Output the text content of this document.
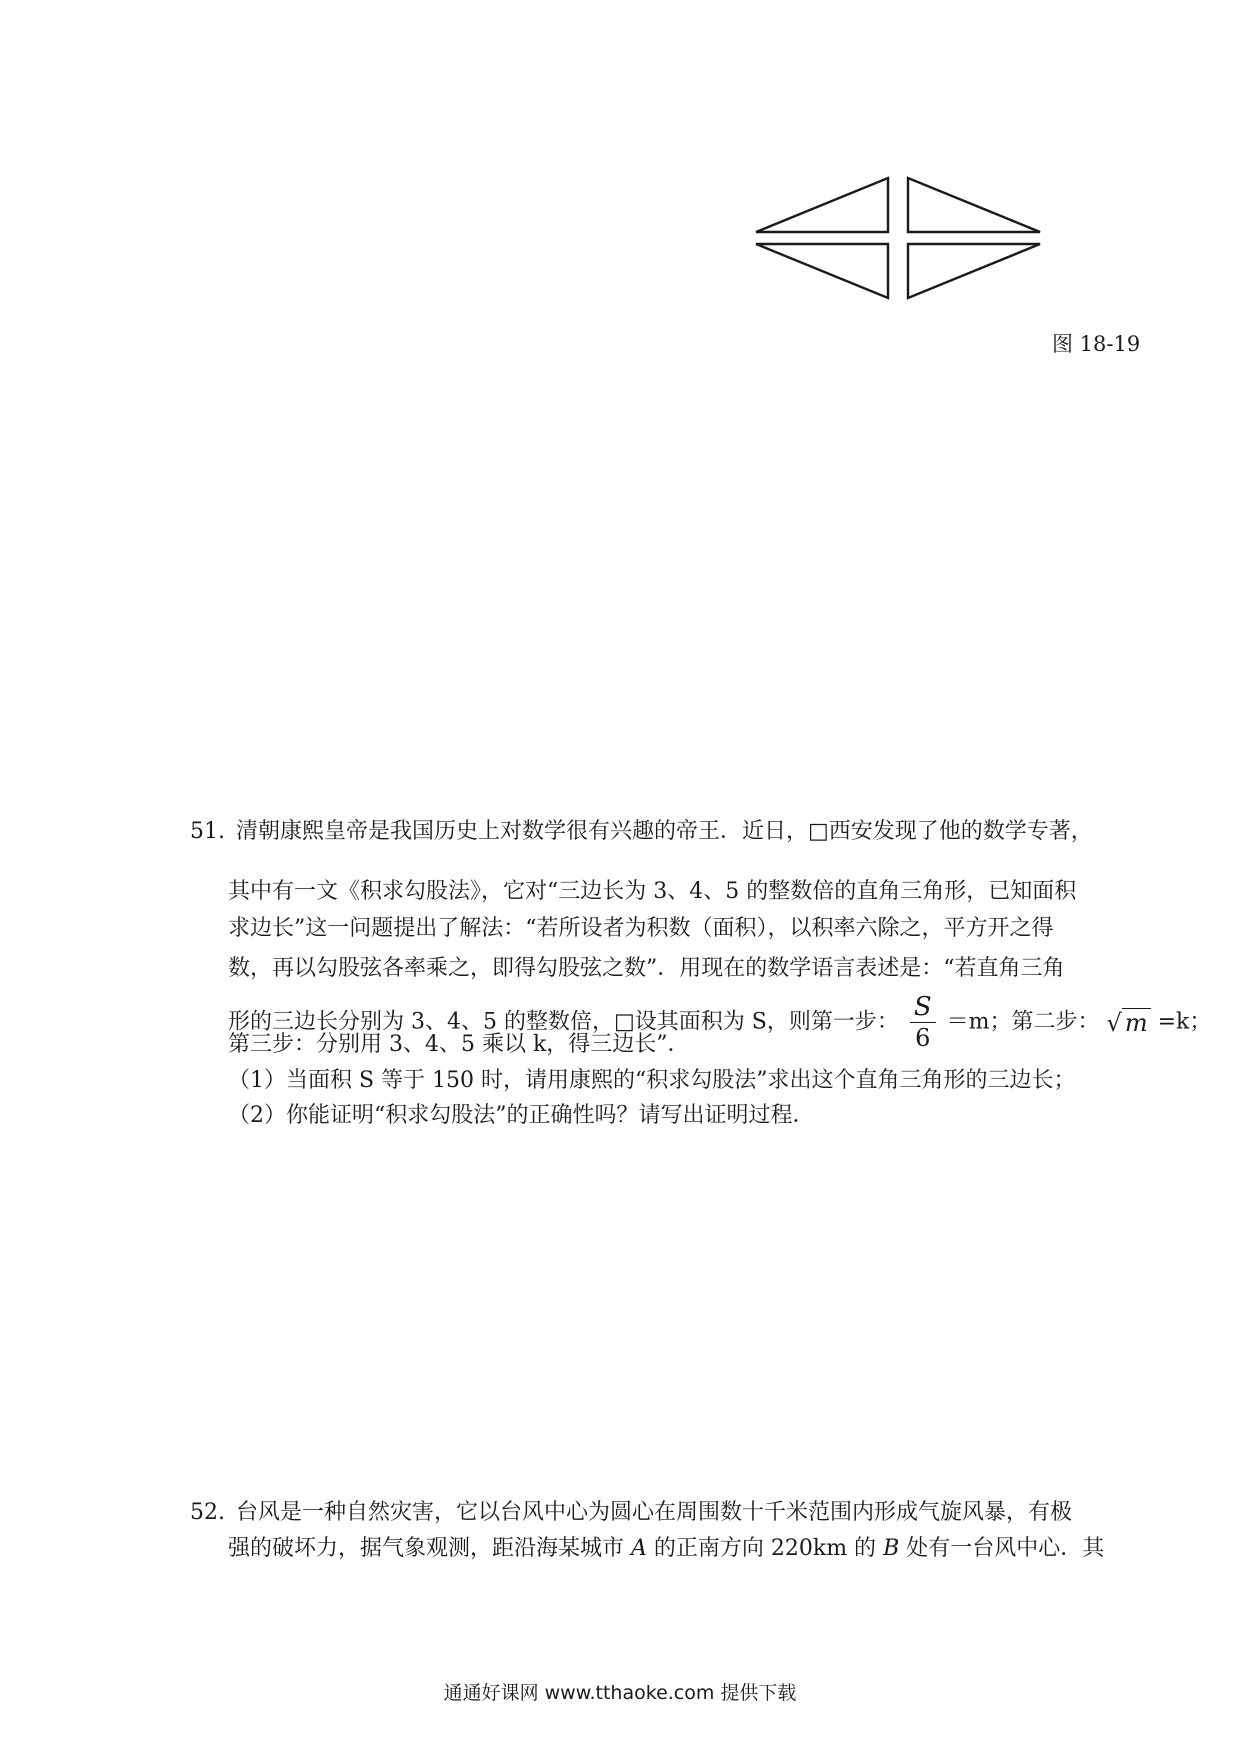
图 18-19
51. 清朝康熙皇帝是我国历史上对数学很有兴趣的帝王．近日，□西安发现了他的数学专著，
其中有一文《积求勾股法》，它对“三边长为 3、4、5 的整数倍的直角三角形，已知面积
求边长”这一问题提出了解法：“若所设者为积数（面积），以积率六除之，平方开之得
数，再以勾股弦各率乘之，即得勾股弦之数”．用现在的数学语言表述是：“若直角三角
形的三边长分别为 3、4、5 的整数倍，□设其面积为 S，则第一步： $\frac{S}{6} =m$；第二步： √ m =k；
第三步：分别用 3、4、5 乘以 k，得三边长”．
（1）当面积 S 等于 150 时，请用康熙的“积求勾股法”求出这个直角三角形的三边长；
（2）你能证明“积求勾股法”的正确性吗？请写出证明过程．
52. 台风是一种自然灾害，它以台风中心为圆心在周围数十千米范围内形成气旋风暴，有极
强的破坏力，据气象观测，距沿海某城市 A 的正南方向 220km 的 B 处有一台风中心．其
通通好课网 www.tthaoke.com 提供下载
